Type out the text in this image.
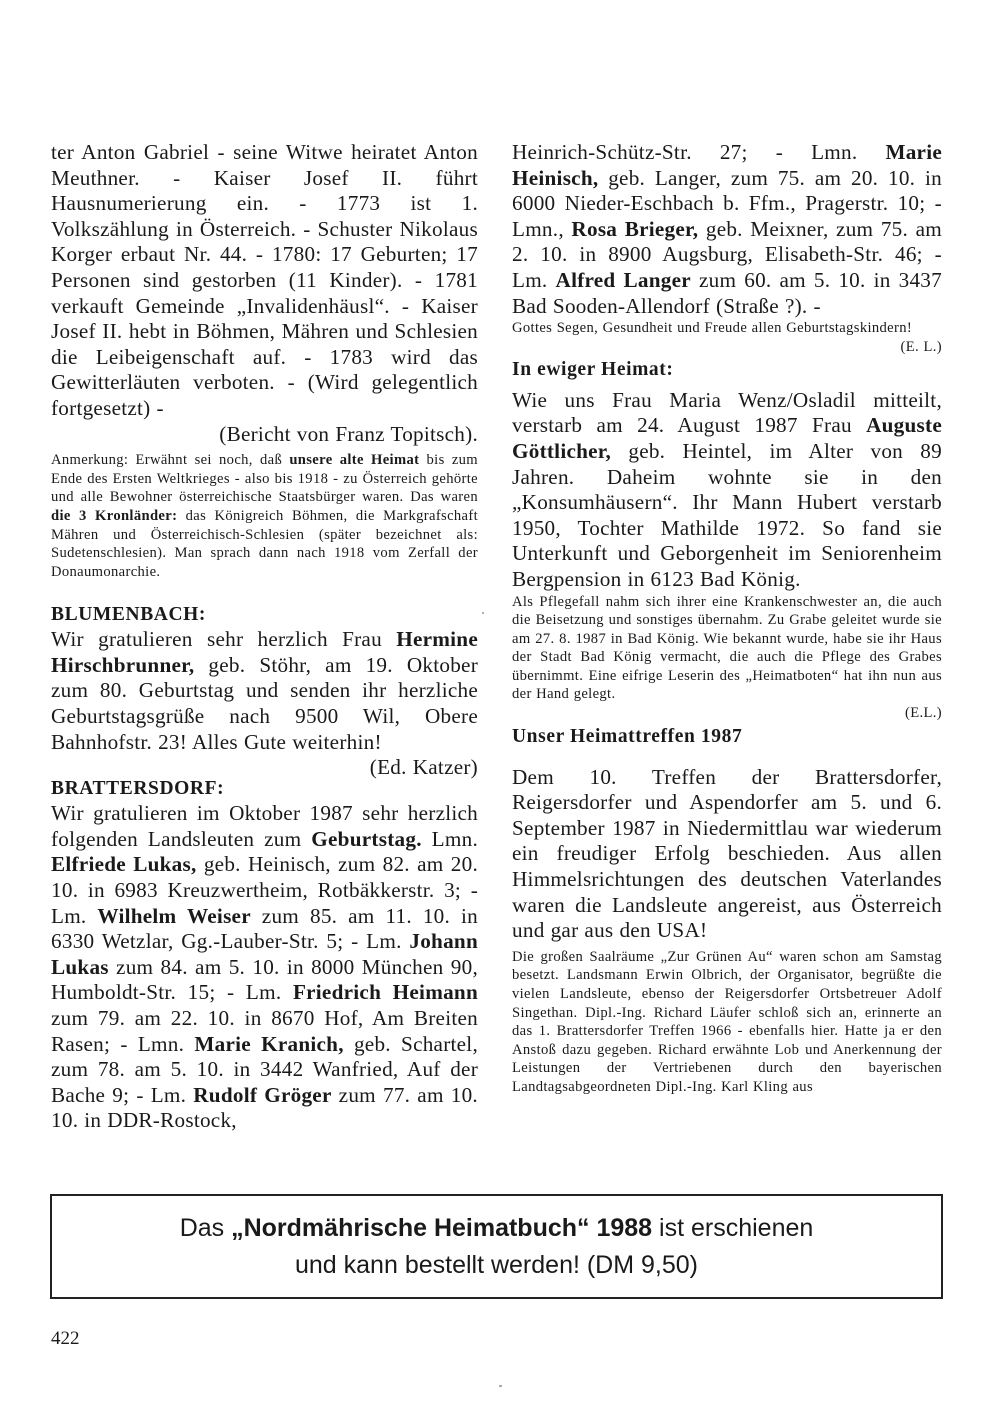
ter Anton Gabriel - seine Witwe heiratet Anton Meuthner. - Kaiser Josef II. führt Hausnumerierung ein. - 1773 ist 1. Volkszählung in Österreich. - Schuster Nikolaus Korger erbaut Nr. 44. - 1780: 17 Geburten; 17 Personen sind gestorben (11 Kinder). - 1781 verkauft Gemeinde „Invalidenhäusl“. - Kaiser Josef II. hebt in Böhmen, Mähren und Schlesien die Leibeigenschaft auf. - 1783 wird das Gewitterläuten verboten. - (Wird gelegentlich fortgesetzt) -

(Bericht von Franz Topitsch).

Anmerkung: Erwähnt sei noch, daß unsere alte Heimat bis zum Ende des Ersten Weltkrieges - also bis 1918 - zu Österreich gehörte und alle Bewohner österreichische Staatsbürger waren. Das waren die 3 Kronländer: das Königreich Böhmen, die Markgrafschaft Mähren und Österreichisch-Schlesien (später bezeichnet als: Sudetenschlesien). Man sprach dann nach 1918 vom Zerfall der Donaumonarchie.

BLUMENBACH:

Wir gratulieren sehr herzlich Frau Hermine Hirschbrunner, geb. Stöhr, am 19. Oktober zum 80. Geburtstag und senden ihr herzliche Geburtstagsgrüße nach 9500 Wil, Obere Bahnhofstr. 23! Alles Gute weiterhin!
(Ed. Katzer)

BRATTERSDORF:

Wir gratulieren im Oktober 1987 sehr herzlich folgenden Landsleuten zum Geburtstag. Lmn. Elfriede Lukas, geb. Heinisch, zum 82. am 20. 10. in 6983 Kreuzwertheim, Rotbäkkerstr. 3; - Lm. Wilhelm Weiser zum 85. am 11. 10. in 6330 Wetzlar, Gg.-Lauber-Str. 5; - Lm. Johann Lukas zum 84. am 5. 10. in 8000 München 90, Humboldt-Str. 15; - Lm. Friedrich Heimann zum 79. am 22. 10. in 8670 Hof, Am Breiten Rasen; - Lmn. Marie Kranich, geb. Schartel, zum 78. am 5. 10. in 3442 Wanfried, Auf der Bache 9; - Lm. Rudolf Gröger zum 77. am 10. 10. in DDR-Rostock,

Heinrich-Schütz-Str. 27; - Lmn. Marie Heinisch, geb. Langer, zum 75. am 20. 10. in 6000 Nieder-Eschbach b. Ffm., Pragerstr. 10; - Lmn., Rosa Brieger, geb. Meixner, zum 75. am 2. 10. in 8900 Augsburg, Elisabeth-Str. 46; - Lm. Alfred Langer zum 60. am 5. 10. in 3437 Bad Sooden-Allendorf (Straße ?). -

Gottes Segen, Gesundheit und Freude allen Geburtstagskindern!
(E. L.)

In ewiger Heimat:

Wie uns Frau Maria Wenz/Osladil mitteilt, verstarb am 24. August 1987 Frau Auguste Göttlicher, geb. Heintel, im Alter von 89 Jahren. Daheim wohnte sie in den „Konsumhäusern“. Ihr Mann Hubert verstarb 1950, Tochter Mathilde 1972. So fand sie Unterkunft und Geborgenheit im Seniorenheim Bergpension in 6123 Bad König.

Als Pflegefall nahm sich ihrer eine Krankenschwester an, die auch die Beisetzung und sonstiges übernahm. Zu Grabe geleitet wurde sie am 27. 8. 1987 in Bad König. Wie bekannt wurde, habe sie ihr Haus der Stadt Bad König vermacht, die auch die Pflege des Grabes übernimmt. Eine eifrige Leserin des „Heimatboten“ hat ihn nun aus der Hand gelegt.

(E.L.)

Unser Heimattreffen 1987

Dem 10. Treffen der Brattersdorfer, Reigersdorfer und Aspendorfer am 5. und 6. September 1987 in Niedermittlau war wiederum ein freudiger Erfolg beschieden. Aus allen Himmelsrichtungen des deutschen Vaterlandes waren die Landsleute angereist, aus Österreich und gar aus den USA!

Die großen Saalräume „Zur Grünen Au“ waren schon am Samstag besetzt. Landsmann Erwin Olbrich, der Organisator, begrüßte die vielen Landsleute, ebenso der Reigersdorfer Ortsbetreuer Adolf Singethan. Dipl.-Ing. Richard Läufer schloß sich an, erinnerte an das 1. Brattersdorfer Treffen 1966 - ebenfalls hier. Hatte ja er den Anstoß dazu gegeben. Richard erwähnte Lob und Anerkennung der Leistungen der Vertriebenen durch den bayerischen Landtagsabgeordneten Dipl.-Ing. Karl Kling aus

Das „Nordmährische Heimatbuch“ 1988 ist erschienen
und kann bestellt werden! (DM 9,50)
422
